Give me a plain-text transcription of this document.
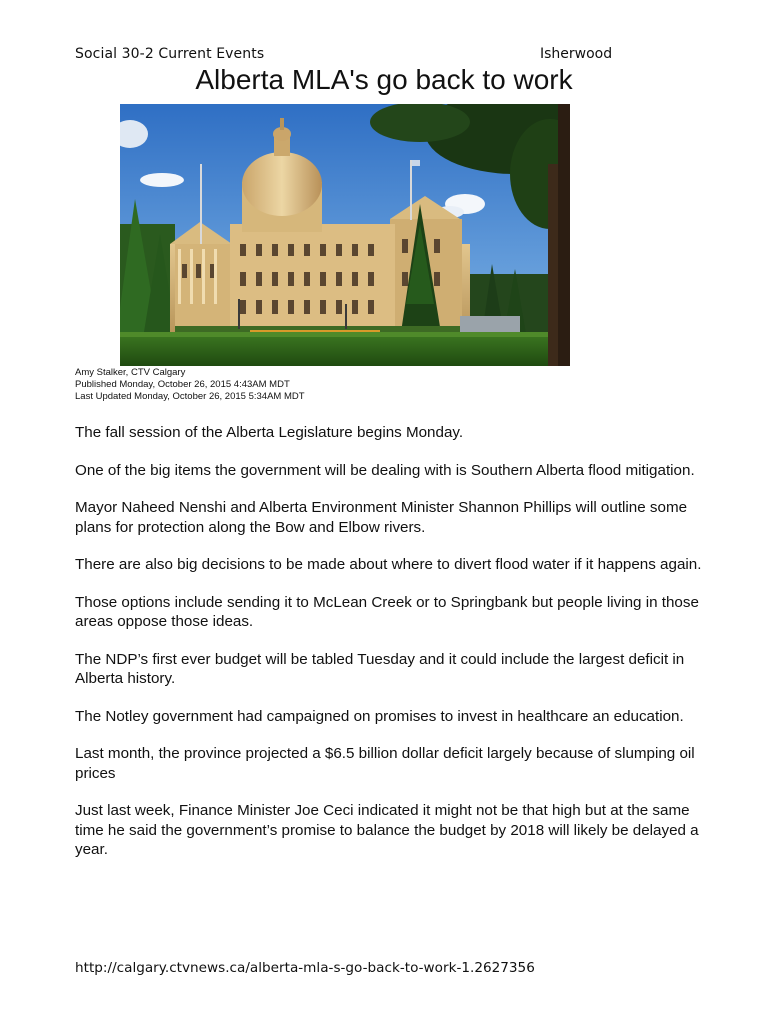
Social 30-2 Current Events	Isherwood
Alberta MLA's go back to work
Amy Stalker, CTV Calgary
Published Monday, October 26, 2015 4:43AM MDT
Last Updated Monday, October 26, 2015 5:34AM MDT

The fall session of the Alberta Legislature begins Monday.

One of the big items the government will be dealing with is Southern Alberta flood mitigation.

Mayor Naheed Nenshi and Alberta Environment Minister Shannon Phillips will outline some plans for protection along the Bow and Elbow rivers.

There are also big decisions to be made about where to divert flood water if it happens again.

Those options include sending it to McLean Creek or to Springbank but people living in those areas oppose those ideas.

The NDP’s first ever budget will be tabled Tuesday and it could include the largest deficit in Alberta history.

The Notley government had campaigned on promises to invest in healthcare an education.

Last month, the province projected a $6.5 billion dollar deficit largely because of slumping oil prices

Just last week, Finance Minister Joe Ceci indicated it might not be that high but at the same time he said the government’s promise to balance the budget by 2018 will likely be delayed a year.

http://calgary.ctvnews.ca/alberta-mla-s-go-back-to-work-1.2627356
